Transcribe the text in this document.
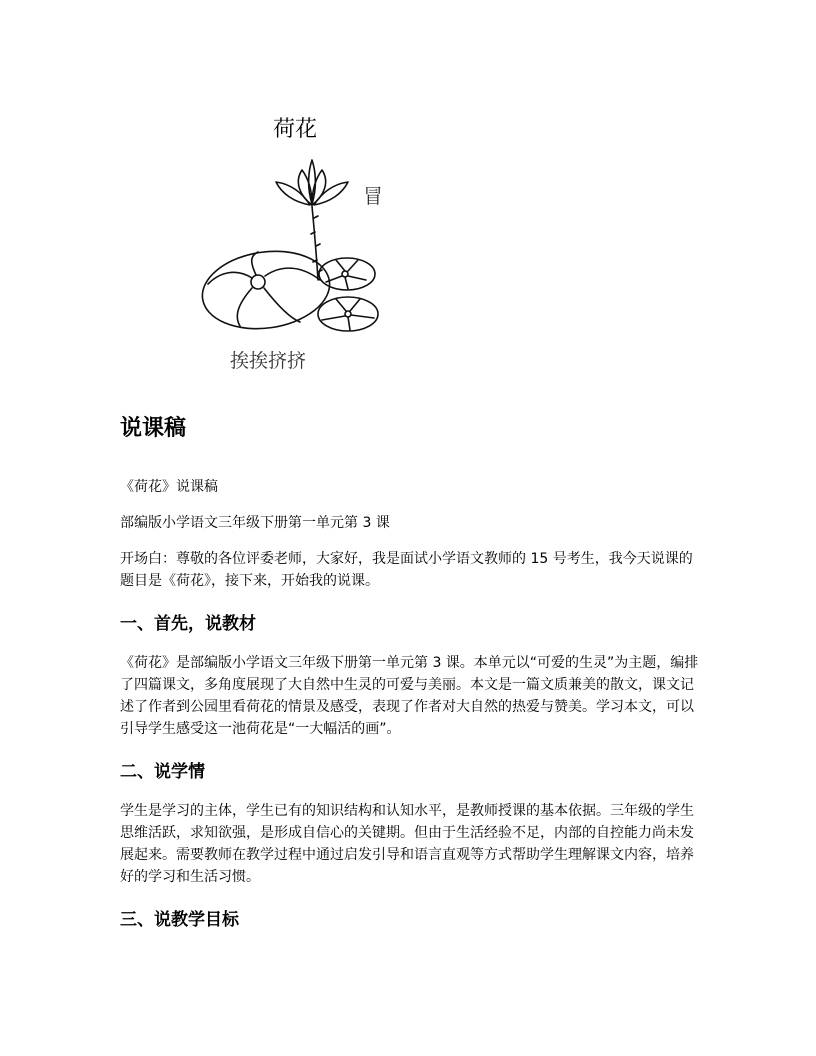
荷花
冒
挨挨挤挤
说课稿

《荷花》说课稿

部编版小学语文三年级下册第一单元第 3 课

开场白：尊敬的各位评委老师，大家好，我是面试小学语文教师的 15 号考生，我今天说课的题目是《荷花》，接下来，开始我的说课。

一、首先，说教材

《荷花》是部编版小学语文三年级下册第一单元第 3 课。本单元以“可爱的生灵”为主题，编排了四篇课文，多角度展现了大自然中生灵的可爱与美丽。本文是一篇文质兼美的散文，课文记述了作者到公园里看荷花的情景及感受，表现了作者对大自然的热爱与赞美。学习本文，可以引导学生感受这一池荷花是“一大幅活的画”。

二、说学情

学生是学习的主体，学生已有的知识结构和认知水平，是教师授课的基本依据。三年级的学生思维活跃，求知欲强，是形成自信心的关键期。但由于生活经验不足，内部的自控能力尚未发展起来。需要教师在教学过程中通过启发引导和语言直观等方式帮助学生理解课文内容，培养好的学习和生活习惯。

三、说教学目标
